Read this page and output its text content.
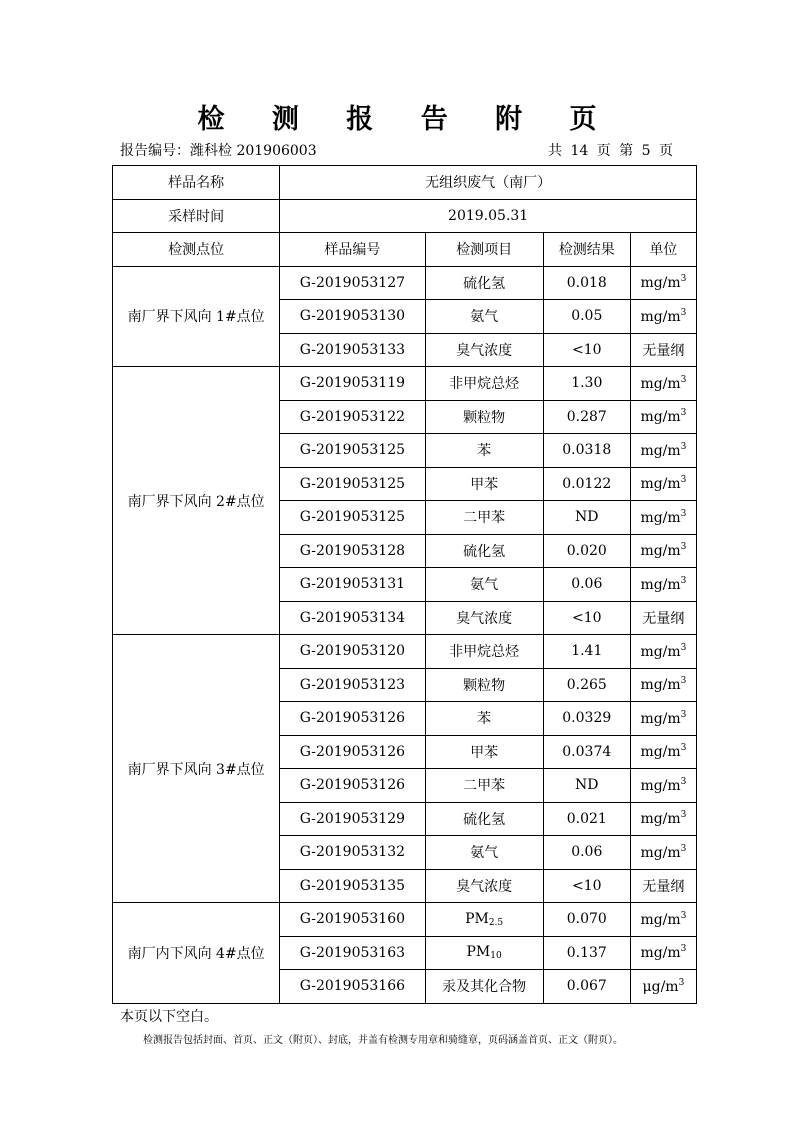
检 测 报 告 附 页
报告编号：潍科检 201906003	共 14 页 第 5 页
样品名称	无组织废气（南厂）			
采样时间	2019.05.31			
检测点位	样品编号	检测项目	检测结果	单位
南厂界下风向 1#点位	G-2019053127	硫化氢	0.018	$mg/m^3$
	G-2019053130	氨气	0.05	$mg/m^3$
	G-2019053133	臭气浓度	<10	无量纲
南厂界下风向 2#点位	G-2019053119	非甲烷总烃	1.30	$mg/m^3$
	G-2019053122	颗粒物	0.287	$mg/m^3$
	G-2019053125	苯	0.0318	$mg/m^3$
	G-2019053125	甲苯	0.0122	$mg/m^3$
	G-2019053125	二甲苯	ND	$mg/m^3$
	G-2019053128	硫化氢	0.020	$mg/m^3$
	G-2019053131	氨气	0.06	$mg/m^3$
	G-2019053134	臭气浓度	<10	无量纲
南厂界下风向 3#点位	G-2019053120	非甲烷总烃	1.41	$mg/m^3$
	G-2019053123	颗粒物	0.265	$mg/m^3$
	G-2019053126	苯	0.0329	$mg/m^3$
	G-2019053126	甲苯	0.0374	$mg/m^3$
	G-2019053126	二甲苯	ND	$mg/m^3$
	G-2019053129	硫化氢	0.021	$mg/m^3$
	G-2019053132	氨气	0.06	$mg/m^3$
	G-2019053135	臭气浓度	<10	无量纲
南厂内下风向 4#点位	G-2019053160	$PM_{2.5}$	0.070	$mg/m^3$
	G-2019053163	$PM_{10}$	0.137	$mg/m^3$
	G-2019053166	汞及其化合物	0.067	$\mu g/m^3$
本页以下空白。
检测报告包括封面、首页、正文（附页）、封底，并盖有检测专用章和骑缝章，页码涵盖首页、正文（附页）。
